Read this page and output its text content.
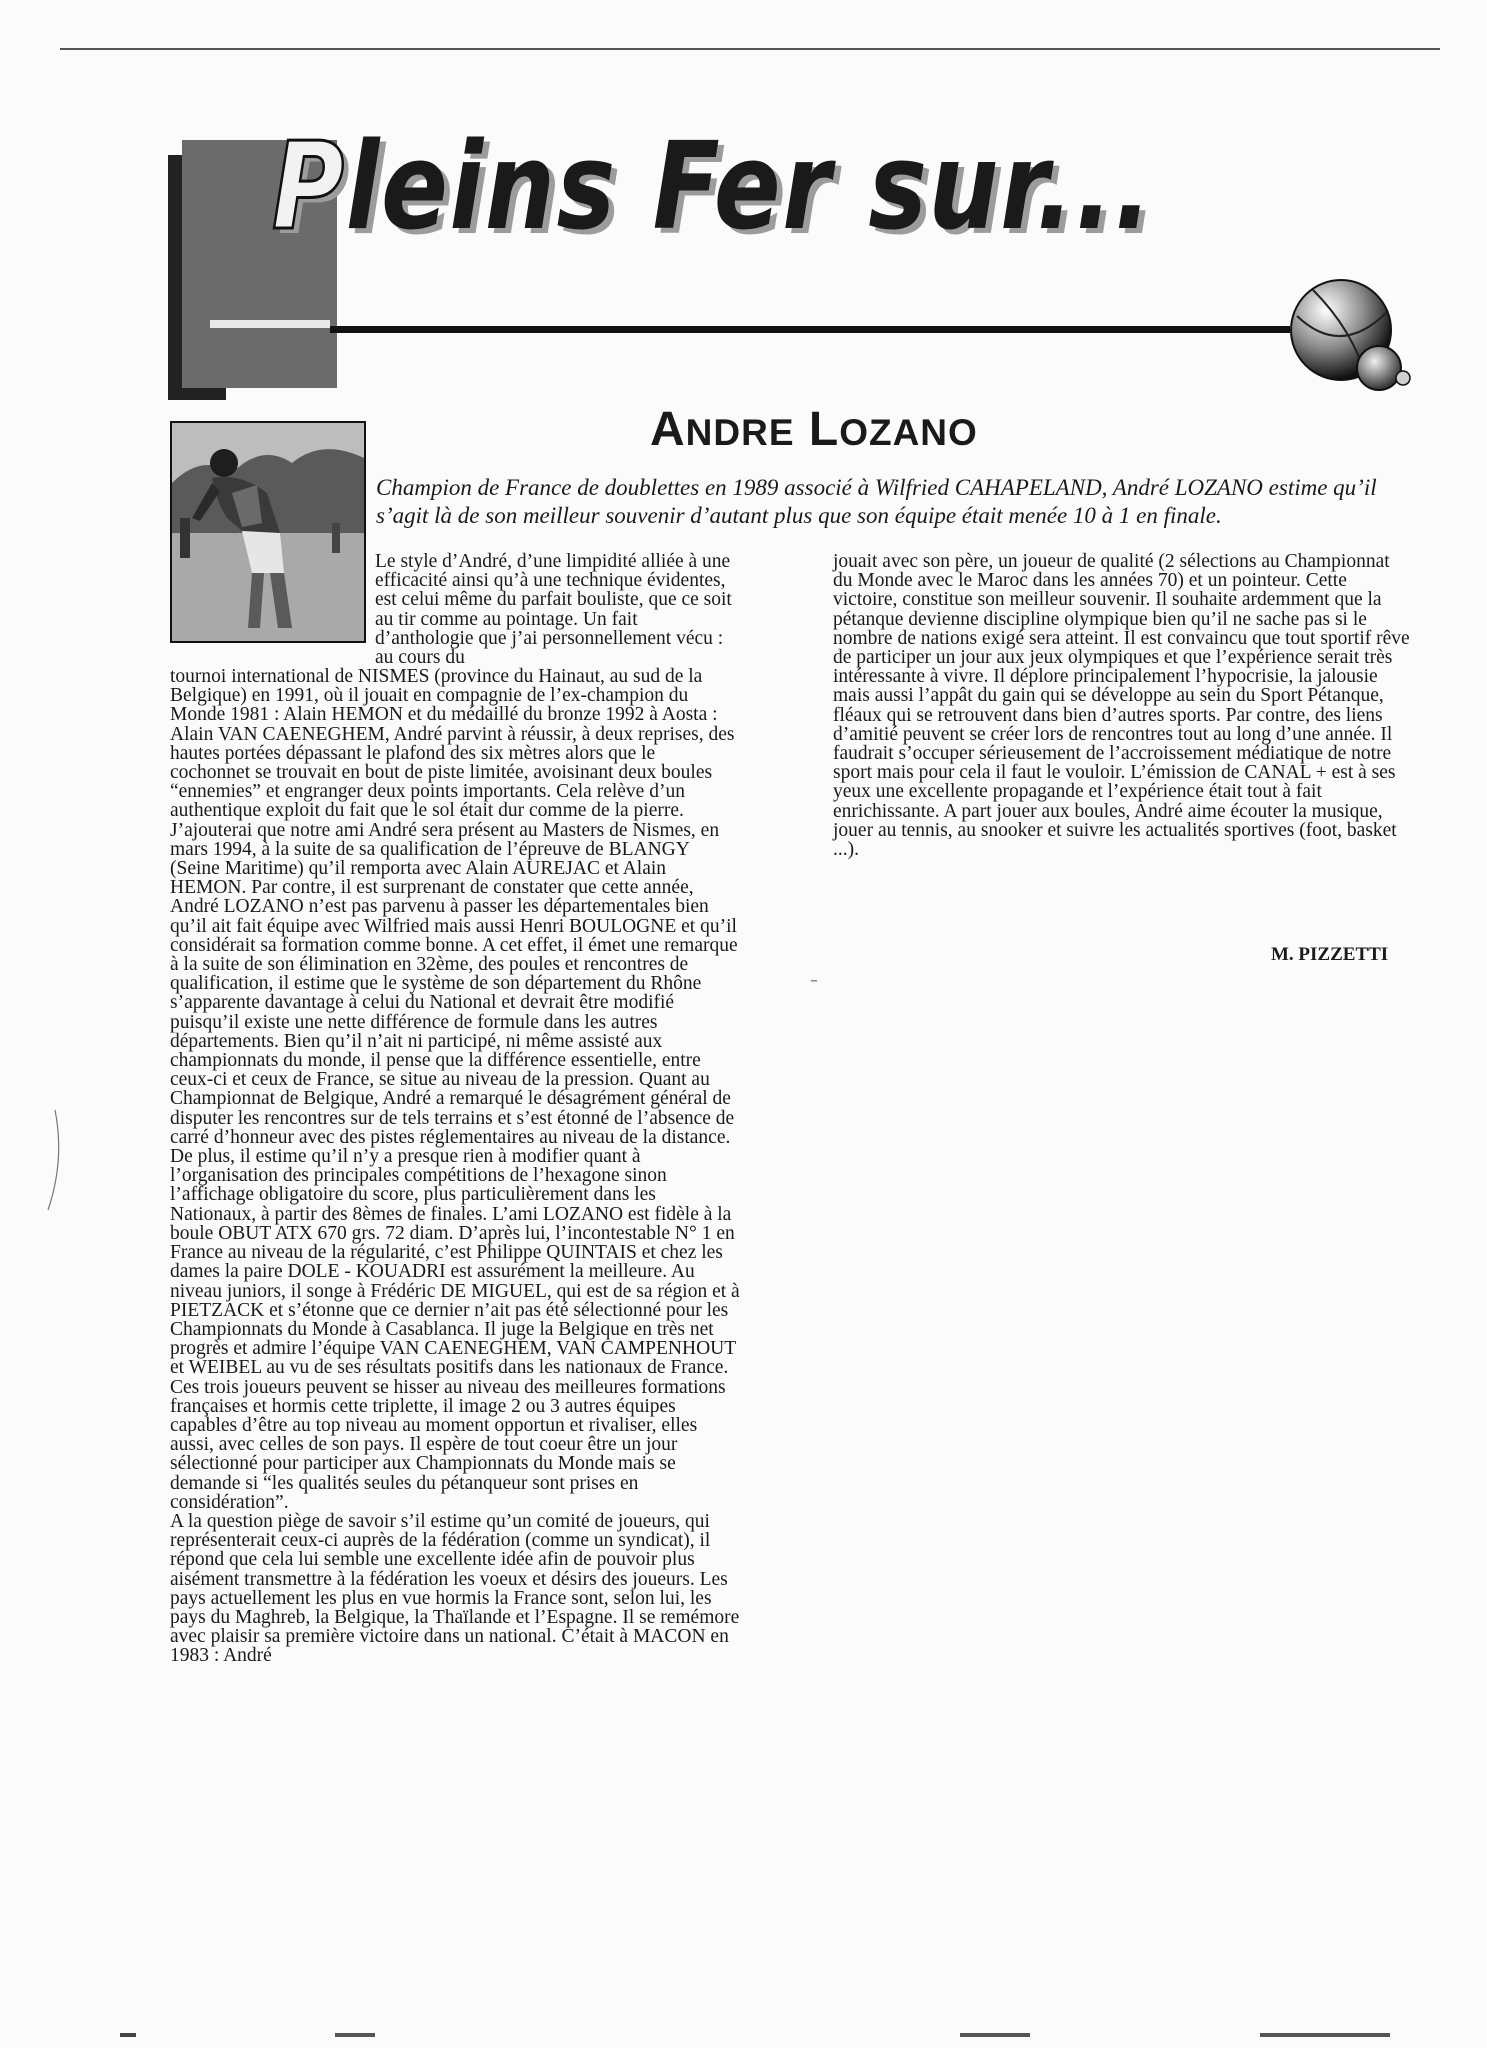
Pleins Fer sur...
ANDRE LOZANO

Champion de France de doublettes en 1989 associé à Wilfried CAHAPELAND, André LOZANO estime qu’il s’agit là de son meilleur souvenir d’autant plus que son équipe était menée 10 à 1 en finale.

Le style d’André, d’une limpidité alliée à une efficacité ainsi qu’à une technique évidentes, est celui même du parfait bouliste, que ce soit au tir comme au pointage. Un fait d’anthologie que j’ai personnellement vécu : au cours du

tournoi international de NISMES (province du Hainaut, au sud de la Belgique) en 1991, où il jouait en compagnie de l’ex-champion du Monde 1981 : Alain HEMON et du médaillé du bronze 1992 à Aosta : Alain VAN CAENEGHEM, André parvint à réussir, à deux reprises, des hautes portées dépassant le plafond des six mètres alors que le cochonnet se trouvait en bout de piste limitée, avoisinant deux boules “ennemies” et engranger deux points importants. Cela relève d’un authentique exploit du fait que le sol était dur comme de la pierre. J’ajouterai que notre ami André sera présent au Masters de Nismes, en mars 1994, à la suite de sa qualification de l’épreuve de BLANGY (Seine Maritime) qu’il remporta avec Alain AUREJAC et Alain HEMON. Par contre, il est surprenant de constater que cette année, André LOZANO n’est pas parvenu à passer les départementales bien qu’il ait fait équipe avec Wilfried mais aussi Henri BOULOGNE et qu’il considérait sa formation comme bonne. A cet effet, il émet une remarque à la suite de son élimination en 32ème, des poules et rencontres de qualification, il estime que le système de son département du Rhône s’apparente davantage à celui du National et devrait être modifié puisqu’il existe une nette différence de formule dans les autres départements. Bien qu’il n’ait ni participé, ni même assisté aux championnats du monde, il pense que la différence essentielle, entre ceux-ci et ceux de France, se situe au niveau de la pression. Quant au Championnat de Belgique, André a remarqué le désagrément général de disputer les rencontres sur de tels terrains et s’est étonné de l’absence de carré d’honneur avec des pistes réglementaires au niveau de la distance. De plus, il estime qu’il n’y a presque rien à modifier quant à l’organisation des principales compétitions de l’hexagone sinon l’affichage obligatoire du score, plus particulièrement dans les Nationaux, à partir des 8èmes de finales. L’ami LOZANO est fidèle à la boule OBUT ATX 670 grs. 72 diam. D’après lui, l’incontestable N° 1 en France au niveau de la régularité, c’est Philippe QUINTAIS et chez les dames la paire DOLE - KOUADRI est assurément la meilleure. Au niveau juniors, il songe à Frédéric DE MIGUEL, qui est de sa région et à PIETZACK et s’étonne que ce dernier n’ait pas été sélectionné pour les Championnats du Monde à Casablanca. Il juge la Belgique en très net progrès et admire l’équipe VAN CAENEGHEM, VAN CAMPENHOUT et WEIBEL au vu de ses résultats positifs dans les nationaux de France. Ces trois joueurs peuvent se hisser au niveau des meilleures formations françaises et hormis cette triplette, il image 2 ou 3 autres équipes capables d’être au top niveau au moment opportun et rivaliser, elles aussi, avec celles de son pays. Il espère de tout coeur être un jour sélectionné pour participer aux Championnats du Monde mais se demande si “les qualités seules du pétanqueur sont prises en considération”.

A la question piège de savoir s’il estime qu’un comité de joueurs, qui représenterait ceux-ci auprès de la fédération (comme un syndicat), il répond que cela lui semble une excellente idée afin de pouvoir plus aisément transmettre à la fédération les voeux et désirs des joueurs. Les pays actuellement les plus en vue hormis la France sont, selon lui, les pays du Maghreb, la Belgique, la Thaïlande et l’Espagne. Il se remémore avec plaisir sa première victoire dans un national. C’était à MACON en 1983 : André

jouait avec son père, un joueur de qualité (2 sélections au Championnat du Monde avec le Maroc dans les années 70) et un pointeur. Cette victoire, constitue son meilleur souvenir. Il souhaite ardemment que la pétanque devienne discipline olympique bien qu’il ne sache pas si le nombre de nations exigé sera atteint. Il est convaincu que tout sportif rêve de participer un jour aux jeux olympiques et que l’expérience serait très intéressante à vivre. Il déplore principalement l’hypocrisie, la jalousie mais aussi l’appât du gain qui se développe au sein du Sport Pétanque, fléaux qui se retrouvent dans bien d’autres sports. Par contre, des liens d’amitié peuvent se créer lors de rencontres tout au long d’une année. Il faudrait s’occuper sérieusement de l’accroissement médiatique de notre sport mais pour cela il faut le vouloir. L’émission de CANAL + est à ses yeux une excellente propagande et l’expérience était tout à fait enrichissante. A part jouer aux boules, André aime écouter la musique, jouer au tennis, au snooker et suivre les actualités sportives (foot, basket ...).

M. PIZZETTI
